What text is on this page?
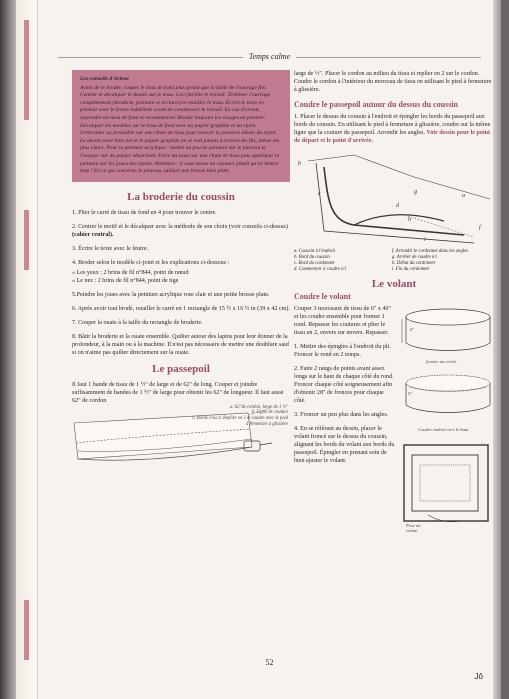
Temps calme
Les conseils d'Arlene
Avant de le broder, couper le tissu de fond plus grand que la taille de l'ouvrage fini. Centrer et décalquer le dessin sur le tissu. Ceci facilite le travail. Terminer l'ouvrage complètement (broderie, peinture et écriture) et retailler le tissu. Écrire le texte en premier avec le feutre indélébile avant de commencer le travail. En cas d'erreur, reprendre un tissu de fond et recommencer. Broder toujours les visages en premier. Décalquer les modèles sur le tissu de fond avec un papier graphite et un stylet. S'entraîner au préalable sur une chute de tissu pour trouver la pression idéale du stylet. Le dessin reste bien net et le papier graphite ne se voit jamais à travers les fils, même les plus clairs. Pour la peinture acrylique : mettre un peu de peinture sur le pinceau et l'essuyer sur du papier absorbant. Faire un essai sur une chute de tissu puis appliquer la peinture sur les joues des lapins. Attention : il vaut mieux en rajouter plutôt qu'en mettre trop ! En ce qui concerne le pinceau, utiliser une brosse bien plate.
La broderie du coussin

1. Plier le carré de tissu de fond en 4 pour trouver le centre.

2. Centrer le motif et le décalquer avec la méthode de son choix (voir conseils ci-dessus) (cahier central).

3. Écrire le texte avec le feutre.

4. Broder selon le modèle ci-joint et les explications ci-dessous :

« Les yeux : 2 brins de fil n°844, point de nœud

« Le nez : 2 brins de fil n°844, point de tige

5.Peindre les joues avec la peinture acrylique rose clair et une petite brosse plate.

6. Après avoir tout brodé, retailler le carré en 1 rectangle de 15 ½ x 16 ½ in (39 x 42 cm).

7. Couper la ouate à la taille du rectangle de broderie.

8. Bâtir la broderie et la ouate ensemble. Quilter autour des lapins pour leur donner de la profondeur, à la main ou à la machine. Il n'est pas nécessaire de mettre une doublure sauf si on n'aime pas quilter directement sur la ouate.

Le passepoil

Il faut 1 bande de tissu de 1 ½" de large et de 62" de long. Couper et joindre suffisamment de bandes de 1 ½" de large pour obtenir les 62" de longueur. Il faut aussi 62" de cordon

a. 62"de cordon, large de 1 ½"
b. Ligne de couture
c. Bords crus d. Replier en 2 et coudre avec le pied à fermeture à glissière

large de ½". Placer le cordon au milieu du tissu et replier en 2 sur le cordon. Coudre le cordon à l'intérieur du morceau de tissu en utilisant le pied à fermeture à glissière.

Coudre le passepoil autour du dessus du coussin

1. Placer le dessus du coussin à l'endroit et épingler les bords du passepoil aux bords du coussin. En utilisant le pied à fermeture à glissière, coudre sur la même ligne que la couture du passepoil. Arrondir les angles. Voir dessin pour le point de départ et le point d'arrivée.

b
c
d
h
g
f
i
a
a. Coussin à l'endroit
b. Bord du coussin
c. Bord du cordonnet
d. Commencer à coudre ici
f. Arrondir le cordonnet dans les angles
g. Arrêter de coudre ici
h. Début du cordonnet
i. Fin du cordonnet
Le volant
Coudre le volant

Couper 3 morceaux de tissu de 6" x 40" et les coudre ensemble pour former 1 rond. Repasser les coutures et plier le tissu en 2, envers sur envers. Repasser.

1. Mettre des épingles à l'endroit du pli. Froncer le rond en 2 temps.

2. Faire 2 rangs de points avant assez longs sur le haut de chaque côté du rond. Froncer chaque côté soigneusement afin d'obtenir 28" de fronces pour chaque côté.

3. Froncer un peu plus dans les angles.

4. En se référant au dessin, placer le volant froncé sur le dessus du coussin, alignant les bords du volant aux bords du passepoil. Épingler en prenant soin de bien ajuster le volant.

6"
former un cercle
3"
Coudre endroit vers le haut
Pose du volant
52
Jô
